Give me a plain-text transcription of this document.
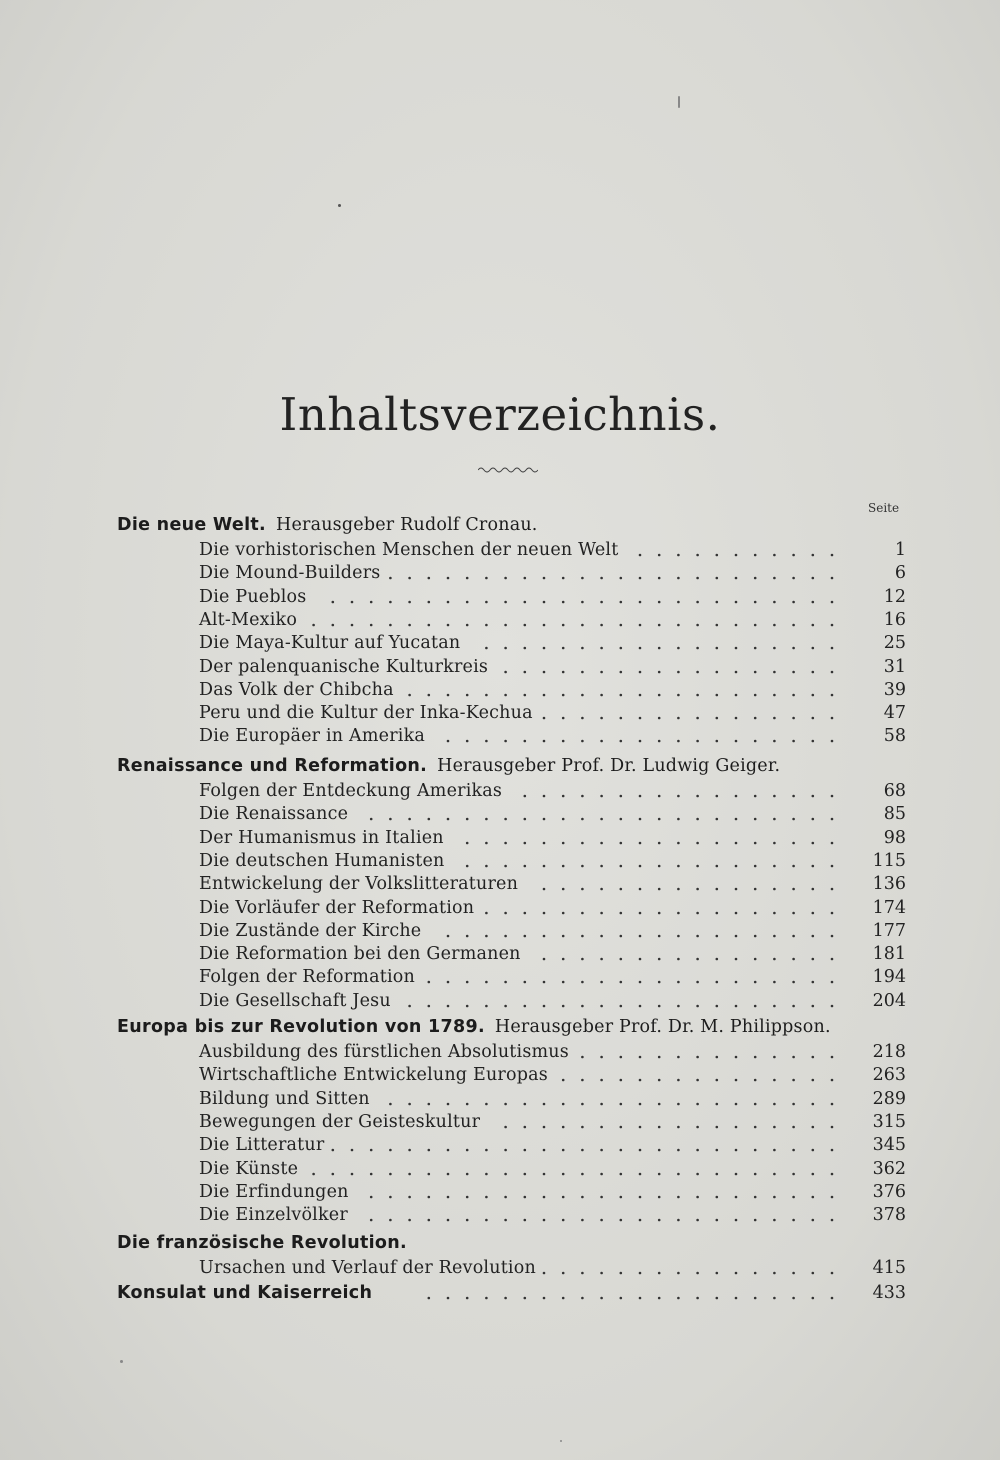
Inhaltsverzeichnis.
Seite
Die neue Welt. Herausgeber Rudolf Cronau.
Die vorhistorischen Menschen der neuen Welt	1
Die Mound-Builders	6
Die Pueblos	12
Alt-Mexiko	16
Die Maya-Kultur auf Yucatan	25
Der palenquanische Kulturkreis	31
Das Volk der Chibcha	39
Peru und die Kultur der Inka-Kechua	47
Die Europäer in Amerika	58
Renaissance und Reformation. Herausgeber Prof. Dr. Ludwig Geiger.
Folgen der Entdeckung Amerikas	68
Die Renaissance	85
Der Humanismus in Italien	98
Die deutschen Humanisten	115
Entwickelung der Volkslitteraturen	136
Die Vorläufer der Reformation	174
Die Zustände der Kirche	177
Die Reformation bei den Germanen	181
Folgen der Reformation	194
Die Gesellschaft Jesu	204
Europa bis zur Revolution von 1789. Herausgeber Prof. Dr. M. Philippson.
Ausbildung des fürstlichen Absolutismus	218
Wirtschaftliche Entwickelung Europas	263
Bildung und Sitten	289
Bewegungen der Geisteskultur	315
Die Litteratur	345
Die Künste	362
Die Erfindungen	376
Die Einzelvölker	378
Die französische Revolution.
Ursachen und Verlauf der Revolution	415
Konsulat und Kaiserreich	433
